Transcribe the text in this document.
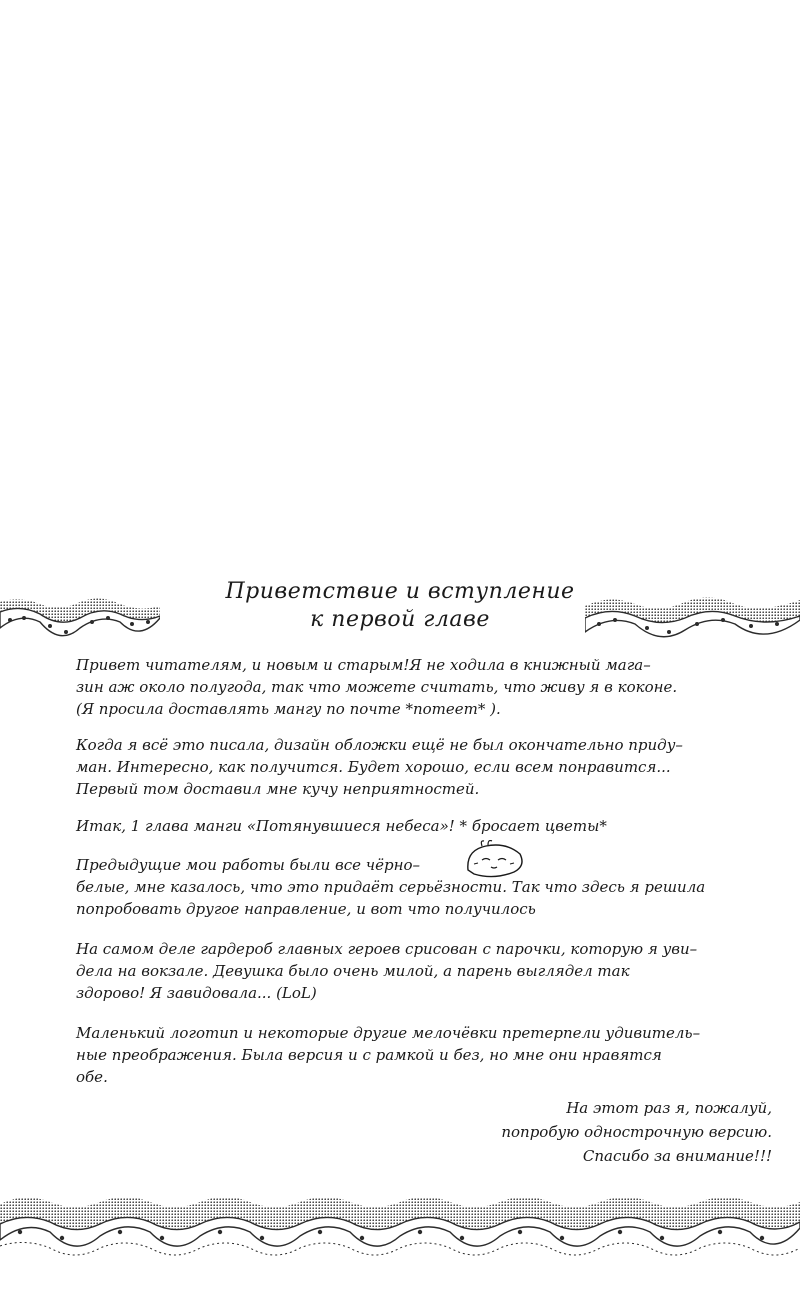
Приветствие и вступление
к первой главе
Привет читателям, и новым и старым!Я не ходила в книжный мага–
зин аж около полугода, так что можете считать, что живу я в коконе.
(Я просила доставлять мангу по почте *потеет* ).
Когда я всё это писала, дизайн обложки ещё не был окончательно приду–
ман. Интересно, как получится. Будет хорошо, если всем понравится...
Первый том доставил мне кучу неприятностей.
Итак, 1 глава манги «Потянувшиеся небеса»! * бросает цветы*
Предыдущие мои работы были все чёрно–
белые, мне казалось, что это придаёт серьёзности. Так что здесь я решила
попробовать другое направление, и вот что получилось
На самом деле гардероб главных героев срисован с парочки, которую я уви–
дела на вокзале. Девушка было очень милой, а парень выглядел так
здорово! Я завидовала... (LoL)
Маленький логотип и некоторые другие мелочёвки претерпели удивитель–
ные преображения. Была версия и с рамкой и без, но мне они нравятся
обе.
На этот раз я, пожалуй,
попробую однострочную версию.
Спасибо за внимание!!!
